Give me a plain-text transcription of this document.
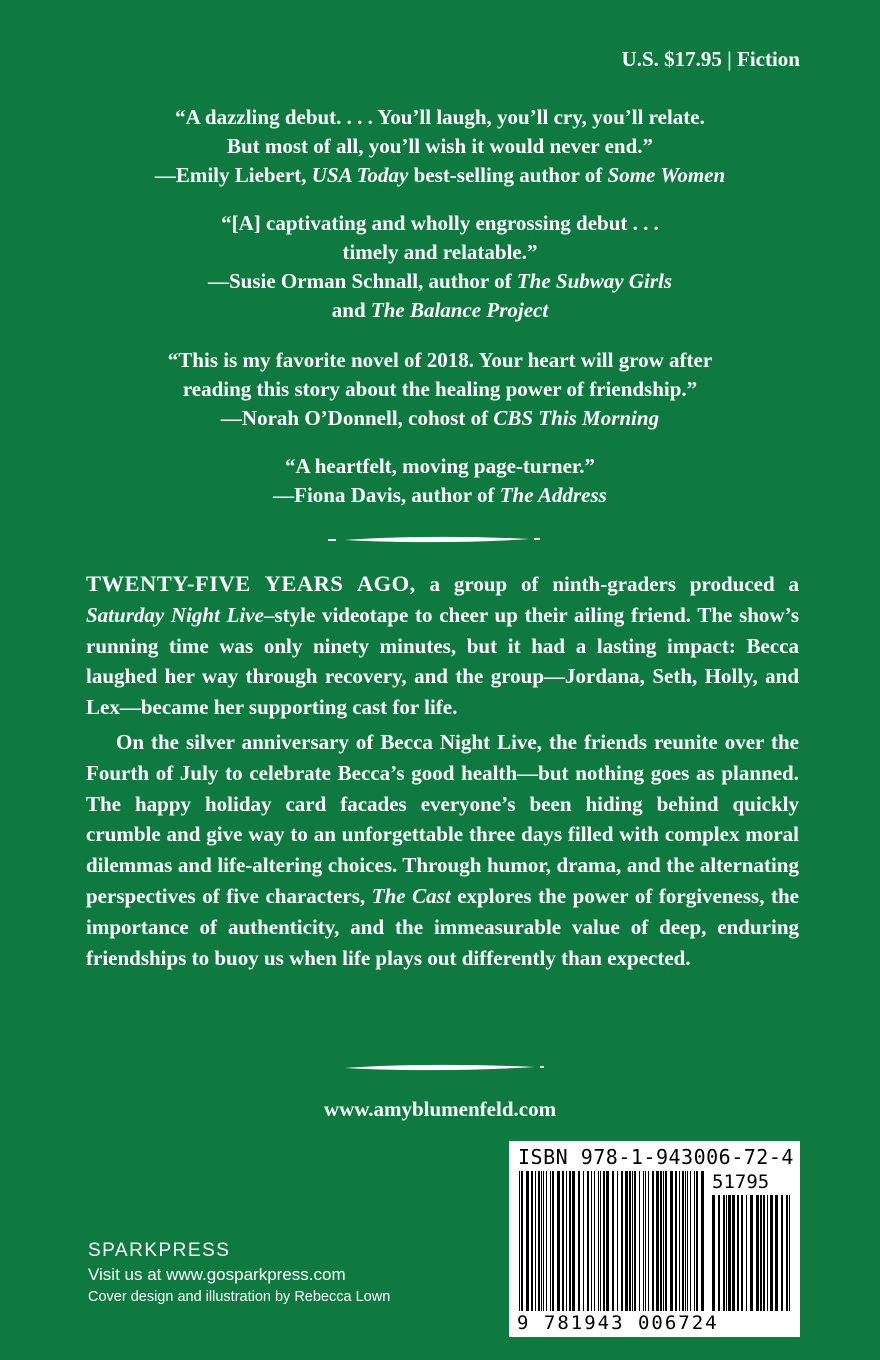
U.S. $17.95 | Fiction
“A dazzling debut. . . . You’ll laugh, you’ll cry, you’ll relate.
But most of all, you’ll wish it would never end.”
—Emily Liebert, USA Today best-selling author of Some Women
“[A] captivating and wholly engrossing debut . . .
timely and relatable.”
—Susie Orman Schnall, author of The Subway Girls
and The Balance Project
“This is my favorite novel of 2018. Your heart will grow after
reading this story about the healing power of friendship.”
—Norah O’Donnell, cohost of CBS This Morning
“A heartfelt, moving page-turner.”
—Fiona Davis, author of The Address

TWENTY-FIVE YEARS AGO, a group of ninth-graders produced a Saturday Night Live–style videotape to cheer up their ailing friend. The show’s running time was only ninety minutes, but it had a lasting impact: Becca laughed her way through recovery, and the group—Jordana, Seth, Holly, and Lex—became her supporting cast for life.

On the silver anniversary of Becca Night Live, the friends reunite over the Fourth of July to celebrate Becca’s good health—but nothing goes as planned. The happy holiday card facades everyone’s been hiding behind quickly crumble and give way to an unforgettable three days filled with complex moral dilemmas and life-altering choices. Through humor, drama, and the alternating perspectives of five characters, The Cast explores the power of forgiveness, the importance of authenticity, and the immeasurable value of deep, enduring friendships to buoy us when life plays out differently than expected.

www.amyblumenfeld.com
SPARKPRESS
Visit us at www.gosparkpress.com
Cover design and illustration by Rebecca Lown
ISBN 978-1-943006-72-4
51795
9 781943 006724
